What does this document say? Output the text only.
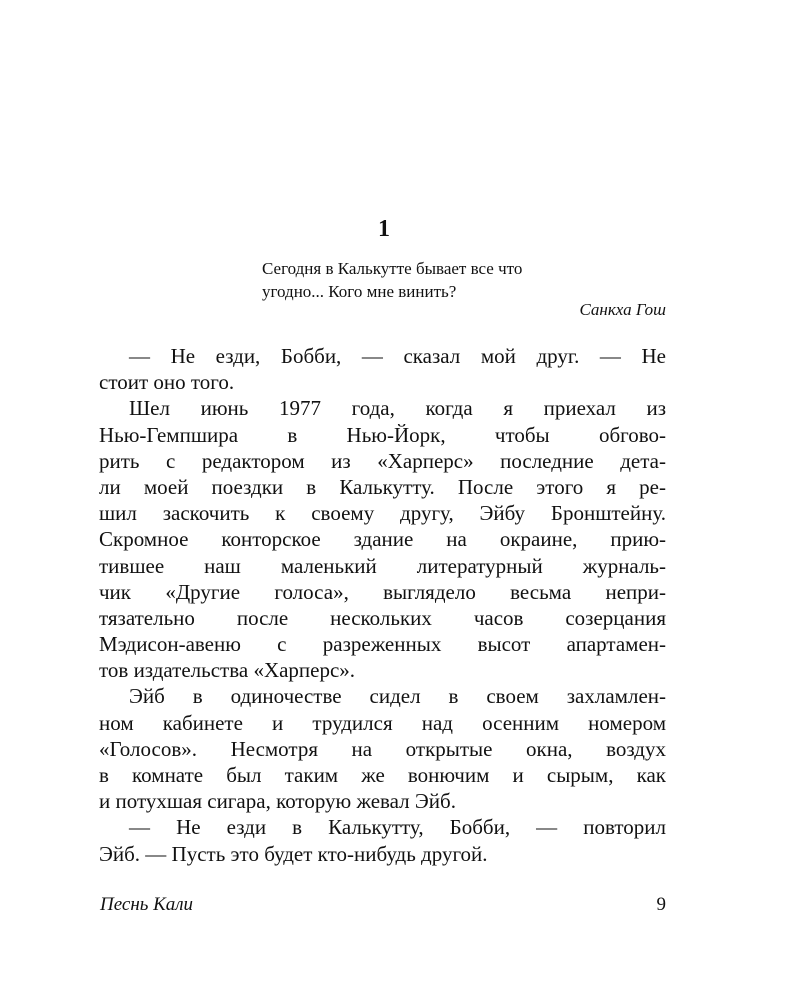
1
Сегодня в Калькутте бывает все что
угодно... Кого мне винить?
Санкха Гош
— Не езди, Бобби, — сказал мой друг. — Не
стоит оно того.
Шел июнь 1977 года, когда я приехал из
Нью-Гемпшира в Нью-Йорк, чтобы обгово-
рить с редактором из «Харперс» последние дета-
ли моей поездки в Калькутту. После этого я ре-
шил заскочить к своему другу, Эйбу Бронштейну.
Скромное конторское здание на окраине, прию-
тившее наш маленький литературный журналь-
чик «Другие голоса», выглядело весьма непри-
тязательно после нескольких часов созерцания
Мэдисон-авеню с разреженных высот апартамен-
тов издательства «Харперс».
Эйб в одиночестве сидел в своем захламлен-
ном кабинете и трудился над осенним номером
«Голосов». Несмотря на открытые окна, воздух
в комнате был таким же вонючим и сырым, как
и потухшая сигара, которую жевал Эйб.
— Не езди в Калькутту, Бобби, — повторил
Эйб. — Пусть это будет кто-нибудь другой.
Песнь Кали	9
